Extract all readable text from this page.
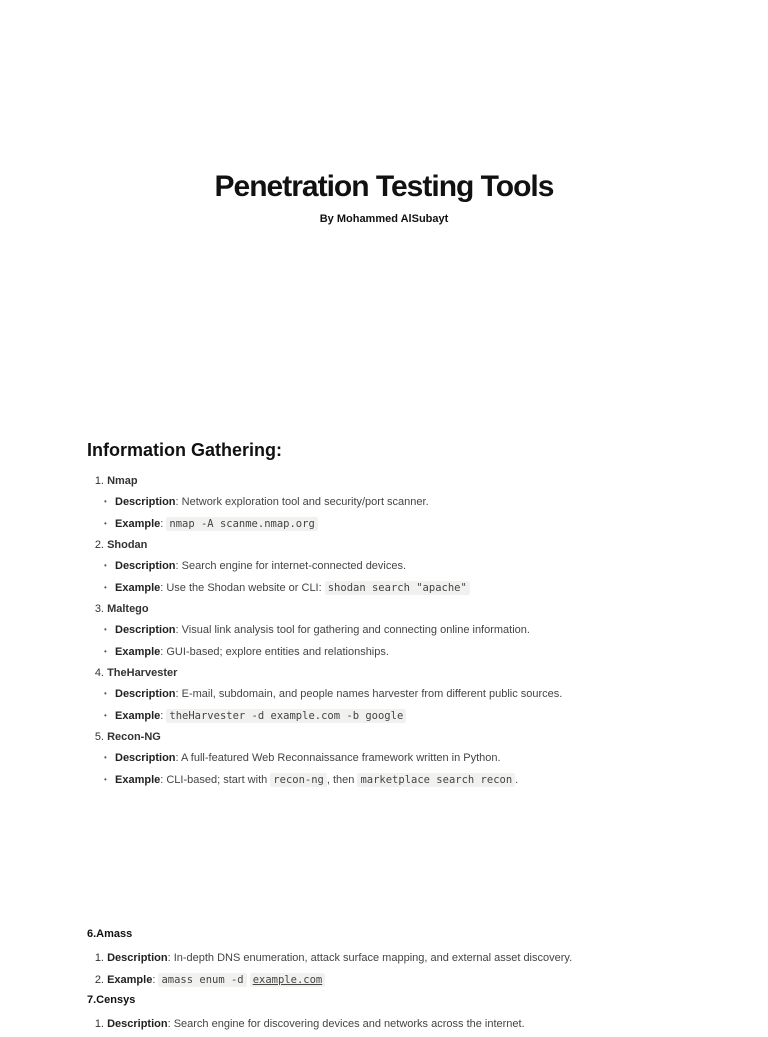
Penetration Testing Tools
By Mohammed AlSubayt
Information Gathering:
1. Nmap
• Description: Network exploration tool and security/port scanner.
• Example: nmap -A scanme.nmap.org
2. Shodan
• Description: Search engine for internet-connected devices.
• Example: Use the Shodan website or CLI: shodan search "apache"
3. Maltego
• Description: Visual link analysis tool for gathering and connecting online information.
• Example: GUI-based; explore entities and relationships.
4. TheHarvester
• Description: E-mail, subdomain, and people names harvester from different public sources.
• Example: theHarvester -d example.com -b google
5. Recon-NG
• Description: A full-featured Web Reconnaissance framework written in Python.
• Example: CLI-based; start with recon-ng , then marketplace search recon .
6.Amass
1. Description: In-depth DNS enumeration, attack surface mapping, and external asset discovery.
2. Example: amass enum -d example.com
7.Censys
1. Description: Search engine for discovering devices and networks across the internet.
